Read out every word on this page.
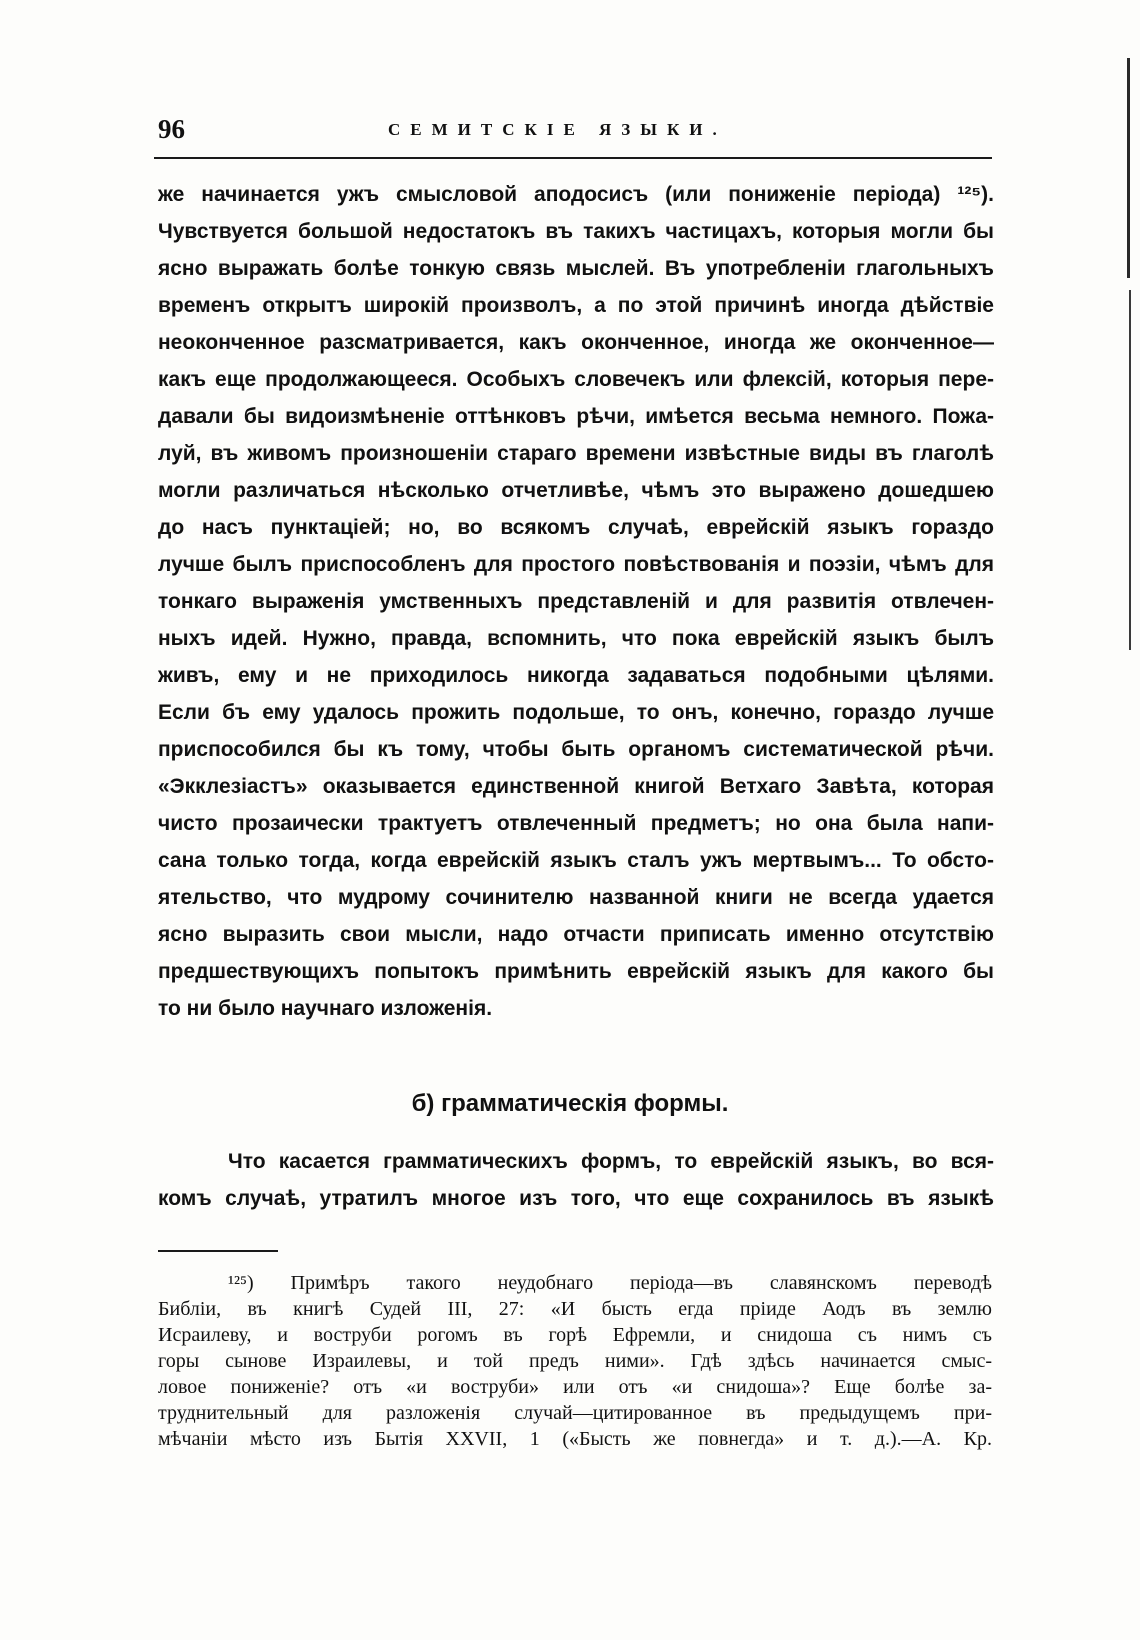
96	СЕМИТСКІЕ ЯЗЫКИ.
же начинается ужъ смысловой аподосисъ (или пониженіе періода) ¹²⁵).
Чувствуется большой недостатокъ въ такихъ частицахъ, которыя могли бы
ясно выражать болѣе тонкую связь мыслей. Въ употребленіи глагольныхъ
временъ открытъ широкій произволъ, а по этой причинѣ иногда дѣйствіе
неоконченное разсматривается, какъ оконченное, иногда же оконченное—
какъ еще продолжающееся. Особыхъ словечекъ или флексій, которыя пере-
давали бы видоизмѣненіе оттѣнковъ рѣчи, имѣется весьма немного. Пожа-
луй, въ живомъ произношеніи стараго времени извѣстные виды въ глаголѣ
могли различаться нѣсколько отчетливѣе, чѣмъ это выражено дошедшею
до насъ пунктаціей; но, во всякомъ случаѣ, еврейскій языкъ гораздо
лучше былъ приспособленъ для простого повѣствованія и поэзіи, чѣмъ для
тонкаго выраженія умственныхъ представленій и для развитія отвлечен-
ныхъ идей. Нужно, правда, вспомнить, что пока еврейскій языкъ былъ
живъ, ему и не приходилось никогда задаваться подобными цѣлями.
Если бъ ему удалось прожить подольше, то онъ, конечно, гораздо лучше
приспособился бы къ тому, чтобы быть органомъ систематической рѣчи.
«Экклезіастъ» оказывается единственной книгой Ветхаго Завѣта, которая
чисто прозаически трактуетъ отвлеченный предметъ; но она была напи-
сана только тогда, когда еврейскій языкъ сталъ ужъ мертвымъ... То обсто-
ятельство, что мудрому сочинителю названной книги не всегда удается
ясно выразить свои мысли, надо отчасти приписать именно отсутствію
предшествующихъ попытокъ примѣнить еврейскій языкъ для какого бы
то ни было научнаго изложенія.
б) грамматическія формы.
Что касается грамматическихъ формъ, то еврейскій языкъ, во вся-
комъ случаѣ, утратилъ многое изъ того, что еще сохранилось въ языкѣ
¹²⁵) Примѣръ такого неудобнаго періода—въ славянскомъ переводѣ
Библіи, въ книгѣ Судей III, 27: «И бысть егда пріиде Аодъ въ землю
Исраилеву, и воструби рогомъ въ горѣ Ефремли, и снидоша съ нимъ съ
горы сынове Израилевы, и той предъ ними». Гдѣ здѣсь начинается смыс-
ловое пониженіе? отъ «и воструби» или отъ «и снидоша»? Еще болѣе за-
труднительный для разложенія случай—цитированное въ предыдущемъ при-
мѣчаніи мѣсто изъ Бытія XXVII, 1 («Бысть же повнегда» и т. д.).—А. Кр.
